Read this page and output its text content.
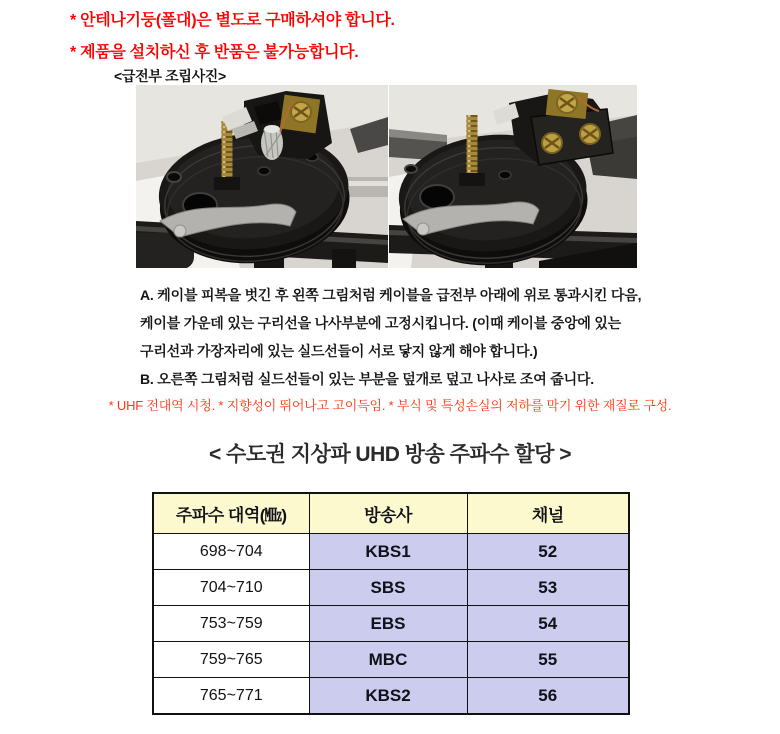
* 안테나기둥(폴대)은 별도로 구매하셔야 합니다.
* 제품을 설치하신 후 반품은 불가능합니다.
<급전부 조립사진>
A. 케이블 피복을 벗긴 후 왼쪽 그림처럼 케이블을 급전부 아래에 위로 통과시킨 다음,
케이블 가운데 있는 구리선을 나사부분에 고정시킵니다. (이때 케이블 중앙에 있는
구리선과 가장자리에 있는 실드선들이 서로 닿지 않게 해야 합니다.)
B. 오른쪽 그림처럼 실드선들이 있는 부분을 덮개로 덮고 나사로 조여 줍니다.
* UHF 전대역 시청. * 지향성이 뛰어나고 고이득임. * 부식 및 특성손실의 저하를 막기 위한 재질로 구성.
< 수도권 지상파 UHD 방송 주파수 할당 >
주파수 대역(㎒)	방송사	채널
698~704	KBS1	52
704~710	SBS	53
753~759	EBS	54
759~765	MBC	55
765~771	KBS2	56
